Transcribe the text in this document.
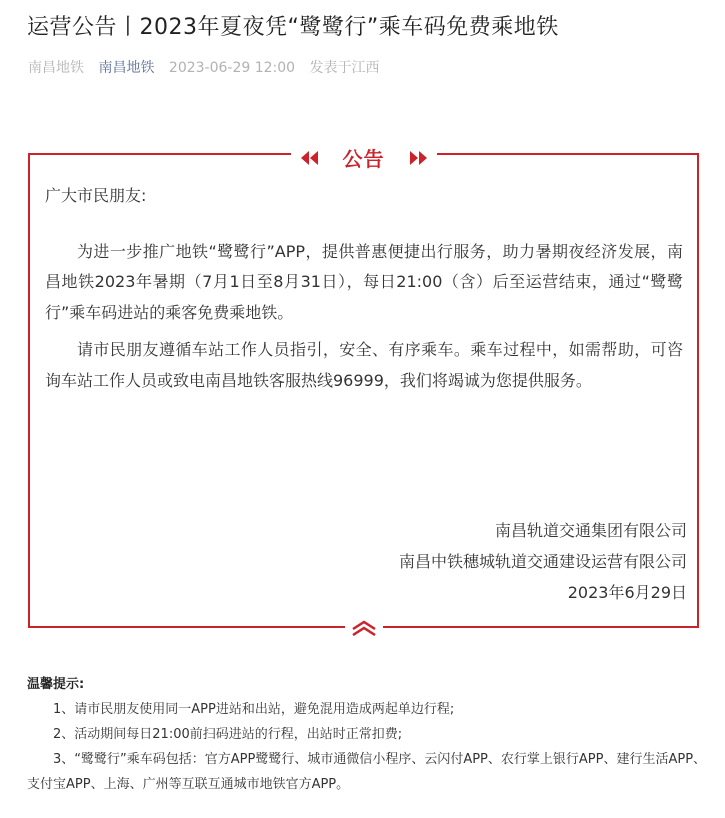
运营公告丨2023年夏夜凭“鹭鹭行”乘车码免费乘地铁
南昌地铁 南昌地铁 2023-06-29 12:00 发表于江西
公告

广大市民朋友:

为进一步推广地铁“鹭鹭行”APP，提供普惠便捷出行服务，助力暑期夜经济发展，南昌地铁2023年暑期（7月1日至8月31日），每日21:00（含）后至运营结束，通过“鹭鹭行”乘车码进站的乘客免费乘地铁。

请市民朋友遵循车站工作人员指引，安全、有序乘车。乘车过程中，如需帮助，可咨询车站工作人员或致电南昌地铁客服热线96999，我们将竭诚为您提供服务。

南昌轨道交通集团有限公司
南昌中铁穗城轨道交通建设运营有限公司
2023年6月29日
温馨提示:
1、请市民朋友使用同一APP进站和出站，避免混用造成两起单边行程;
2、活动期间每日21:00前扫码进站的行程，出站时正常扣费;
3、“鹭鹭行”乘车码包括：官方APP鹭鹭行、城市通微信小程序、云闪付APP、农行掌上银行APP、建行生活APP、支付宝APP、上海、广州等互联互通城市地铁官方APP。
